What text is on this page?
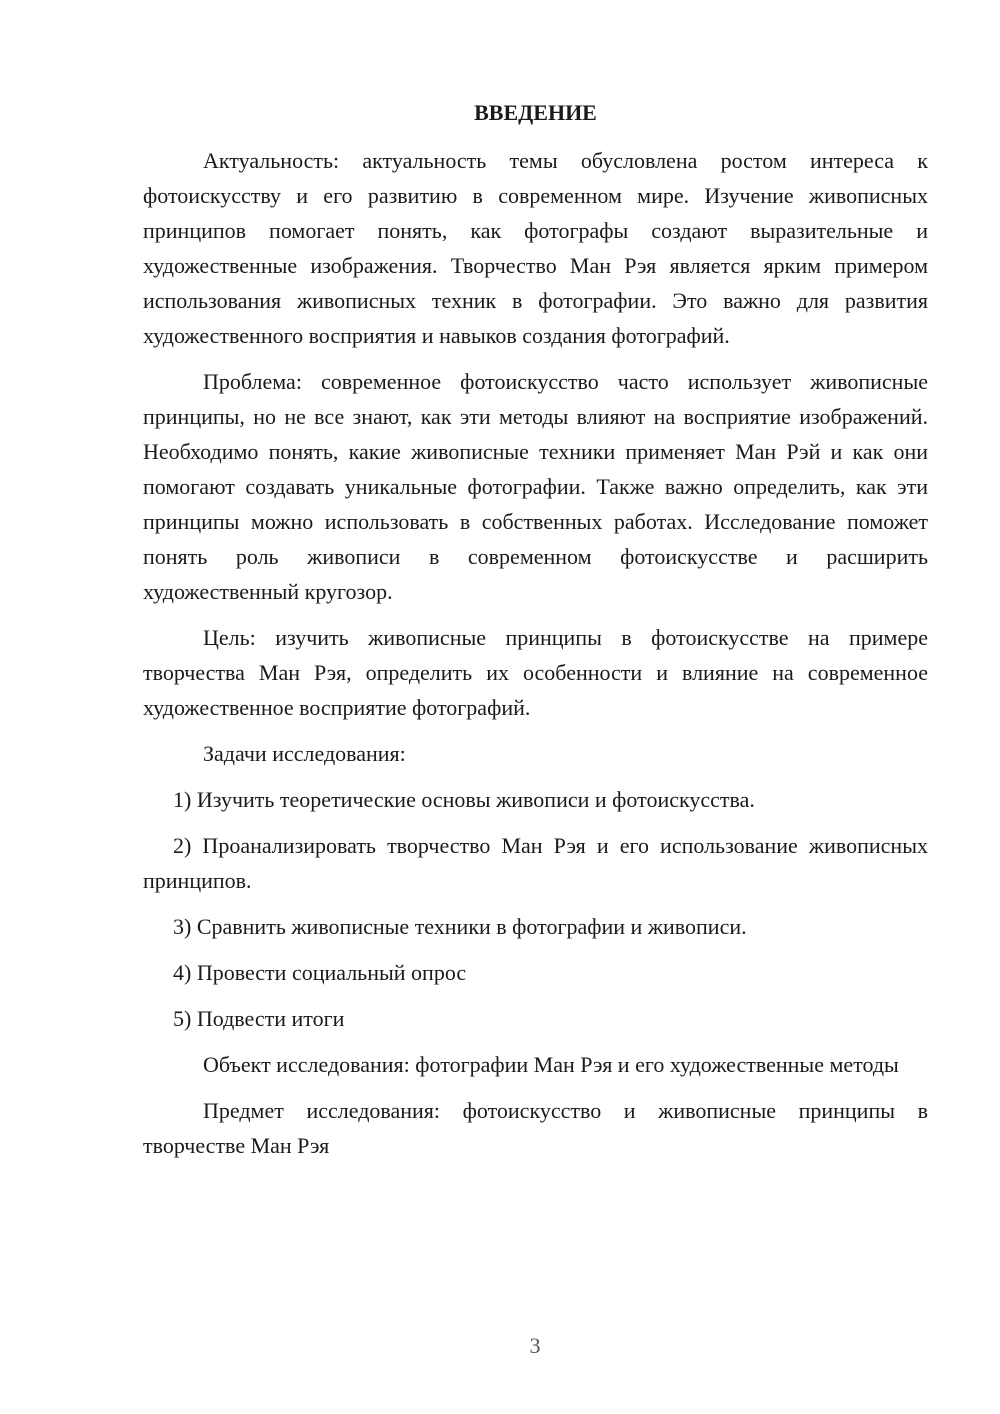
ВВЕДЕНИЕ

Актуальность: актуальность темы обусловлена ростом интереса к фотоискусству и его развитию в современном мире. Изучение живописных принципов помогает понять, как фотографы создают выразительные и художественные изображения. Творчество Ман Рэя является ярким примером использования живописных техник в фотографии. Это важно для развития художественного восприятия и навыков создания фотографий.

Проблема: современное фотоискусство часто использует живописные принципы, но не все знают, как эти методы влияют на восприятие изображений. Необходимо понять, какие живописные техники применяет Ман Рэй и как они помогают создавать уникальные фотографии. Также важно определить, как эти принципы можно использовать в собственных работах. Исследование поможет понять роль живописи в современном фотоискусстве и расширить художественный кругозор.

Цель: изучить живописные принципы в фотоискусстве на примере творчества Ман Рэя, определить их особенности и влияние на современное художественное восприятие фотографий.

Задачи исследования:

1) Изучить теоретические основы живописи и фотоискусства.

2) Проанализировать творчество Ман Рэя и его использование живописных принципов.

3) Сравнить живописные техники в фотографии и живописи.

4) Провести социальный опрос

5) Подвести итоги

Объект исследования: фотографии Ман Рэя и его художественные методы

Предмет исследования: фотоискусство и живописные принципы в творчестве Ман Рэя

3
